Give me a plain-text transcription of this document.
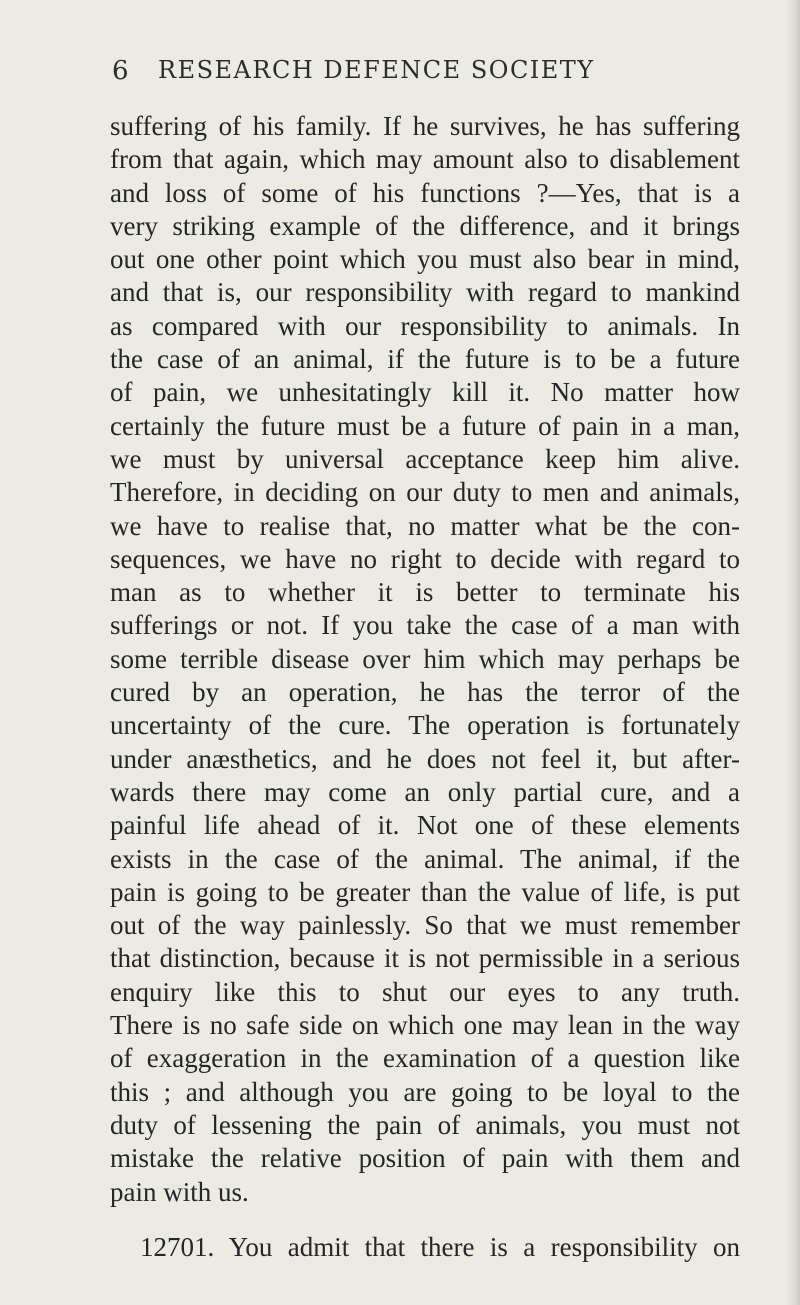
6 RESEARCH DEFENCE SOCIETY
suffering of his family. If he survives, he has suffering
from that again, which may amount also to disablement
and loss of some of his functions ?—Yes, that is a
very striking example of the difference, and it brings
out one other point which you must also bear in mind,
and that is, our responsibility with regard to mankind
as compared with our responsibility to animals. In
the case of an animal, if the future is to be a future
of pain, we unhesitatingly kill it. No matter how
certainly the future must be a future of pain in a man,
we must by universal acceptance keep him alive.
Therefore, in deciding on our duty to men and animals,
we have to realise that, no matter what be the con-
sequences, we have no right to decide with regard to
man as to whether it is better to terminate his
sufferings or not. If you take the case of a man with
some terrible disease over him which may perhaps be
cured by an operation, he has the terror of the
uncertainty of the cure. The operation is fortunately
under anæsthetics, and he does not feel it, but after-
wards there may come an only partial cure, and a
painful life ahead of it. Not one of these elements
exists in the case of the animal. The animal, if the
pain is going to be greater than the value of life, is put
out of the way painlessly. So that we must remember
that distinction, because it is not permissible in a serious
enquiry like this to shut our eyes to any truth.
There is no safe side on which one may lean in the way
of exaggeration in the examination of a question like
this ; and although you are going to be loyal to the
duty of lessening the pain of animals, you must not
mistake the relative position of pain with them and
pain with us.
12701. You admit that there is a responsibility on
